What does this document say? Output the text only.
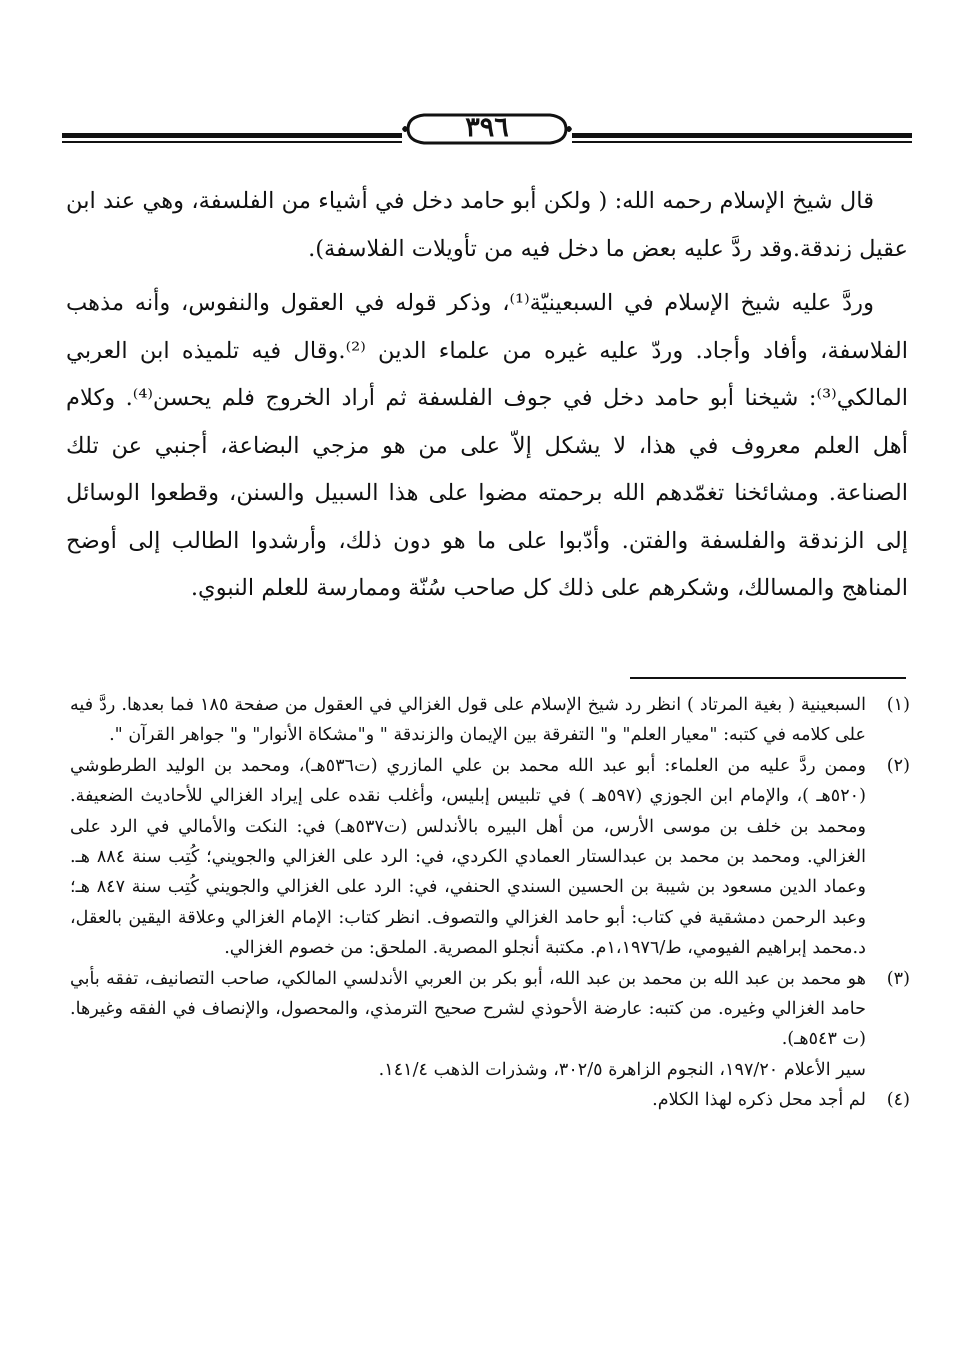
٣٩٦

قال شيخ الإسلام رحمه الله: ( ولكن أبو حامد دخل في أشياء من الفلسفة، وهي عند ابن عقيل زندقة.وقد ردَّ عليه بعض ما دخل فيه من تأويلات الفلاسفة).

وردَّ عليه شيخ الإسلام في السبعينيّة⁽¹⁾، وذكر قوله في العقول والنفوس، وأنه مذهب الفلاسفة، وأفاد وأجاد. وردّ عليه غيره من علماء الدين ⁽²⁾.وقال فيه تلميذه ابن العربي المالكي⁽³⁾: شيخنا أبو حامد دخل في جوف الفلسفة ثم أراد الخروج فلم يحسن⁽⁴⁾. وكلام أهل العلم معروف في هذا، لا يشكل إلاّ على من هو مزجي البضاعة، أجنبي عن تلك الصناعة. ومشائخنا تغمّدهم الله برحمته مضوا على هذا السبيل والسنن، وقطعوا الوسائل إلى الزندقة والفلسفة والفتن. وأدّبوا على ما هو دون ذلك، وأرشدوا الطالب إلى أوضح المناهج والمسالك، وشكرهم على ذلك كل صاحب سُنّة وممارسة للعلم النبوي.

(١)

السبعينية ( بغية المرتاد ) انظر رد شيخ الإسلام على قول الغزالي في العقول من صفحة ١٨٥ فما بعدها. ردَّ فيه على كلامه في كتبه: "معيار العلم" و" التفرقة بين الإيمان والزندقة " و"مشكاة الأنوار" و" جواهر القرآن ".

(٢)

وممن ردَّ عليه من العلماء: أبو عبد الله محمد بن علي المازري (ت٥٣٦هـ)، ومحمد بن الوليد الطرطوشي (٥٢٠هـ )، والإمام ابن الجوزي (٥٩٧هـ ) في تلبيس إبليس، وأغلب نقده على إيراد الغزالي للأحاديث الضعيفة. ومحمد بن خلف بن موسى الأرس، من أهل البيره بالأندلس (ت٥٣٧هـ) في: النكت والأمالي في الرد على الغزالي. ومحمد بن محمد بن عبدالستار العمادي الكردي، في: الرد على الغزالي والجويني؛ كُتِب سنة ٨٨٤ هـ. وعماد الدين مسعود بن شيبة بن الحسين السندي الحنفي، في: الرد على الغزالي والجويني كُتِب سنة ٨٤٧ هـ؛ وعبد الرحمن دمشقية في كتاب: أبو حامد الغزالي والتصوف. انظر كتاب: الإمام الغزالي وعلاقة اليقين بالعقل، د.محمد إبراهيم الفيومي، ط/١،١٩٧٦م. مكتبة أنجلو المصرية. الملحق: من خصوم الغزالي.

(٣)

هو محمد بن عبد الله بن محمد بن عبد الله، أبو بكر بن العربي الأندلسي المالكي، صاحب التصانيف، تفقه بأبي حامد الغزالي وغيره. من كتبه: عارضة الأحوذي لشرح صحيح الترمذي، والمحصول، والإنصاف في الفقه وغيرها. (ت ٥٤٣هـ).

سير الأعلام ١٩٧/٢٠، النجوم الزاهرة ٣٠٢/٥، وشذرات الذهب ١٤١/٤.

(٤)

لم أجد محل ذكره لهذا الكلام.
